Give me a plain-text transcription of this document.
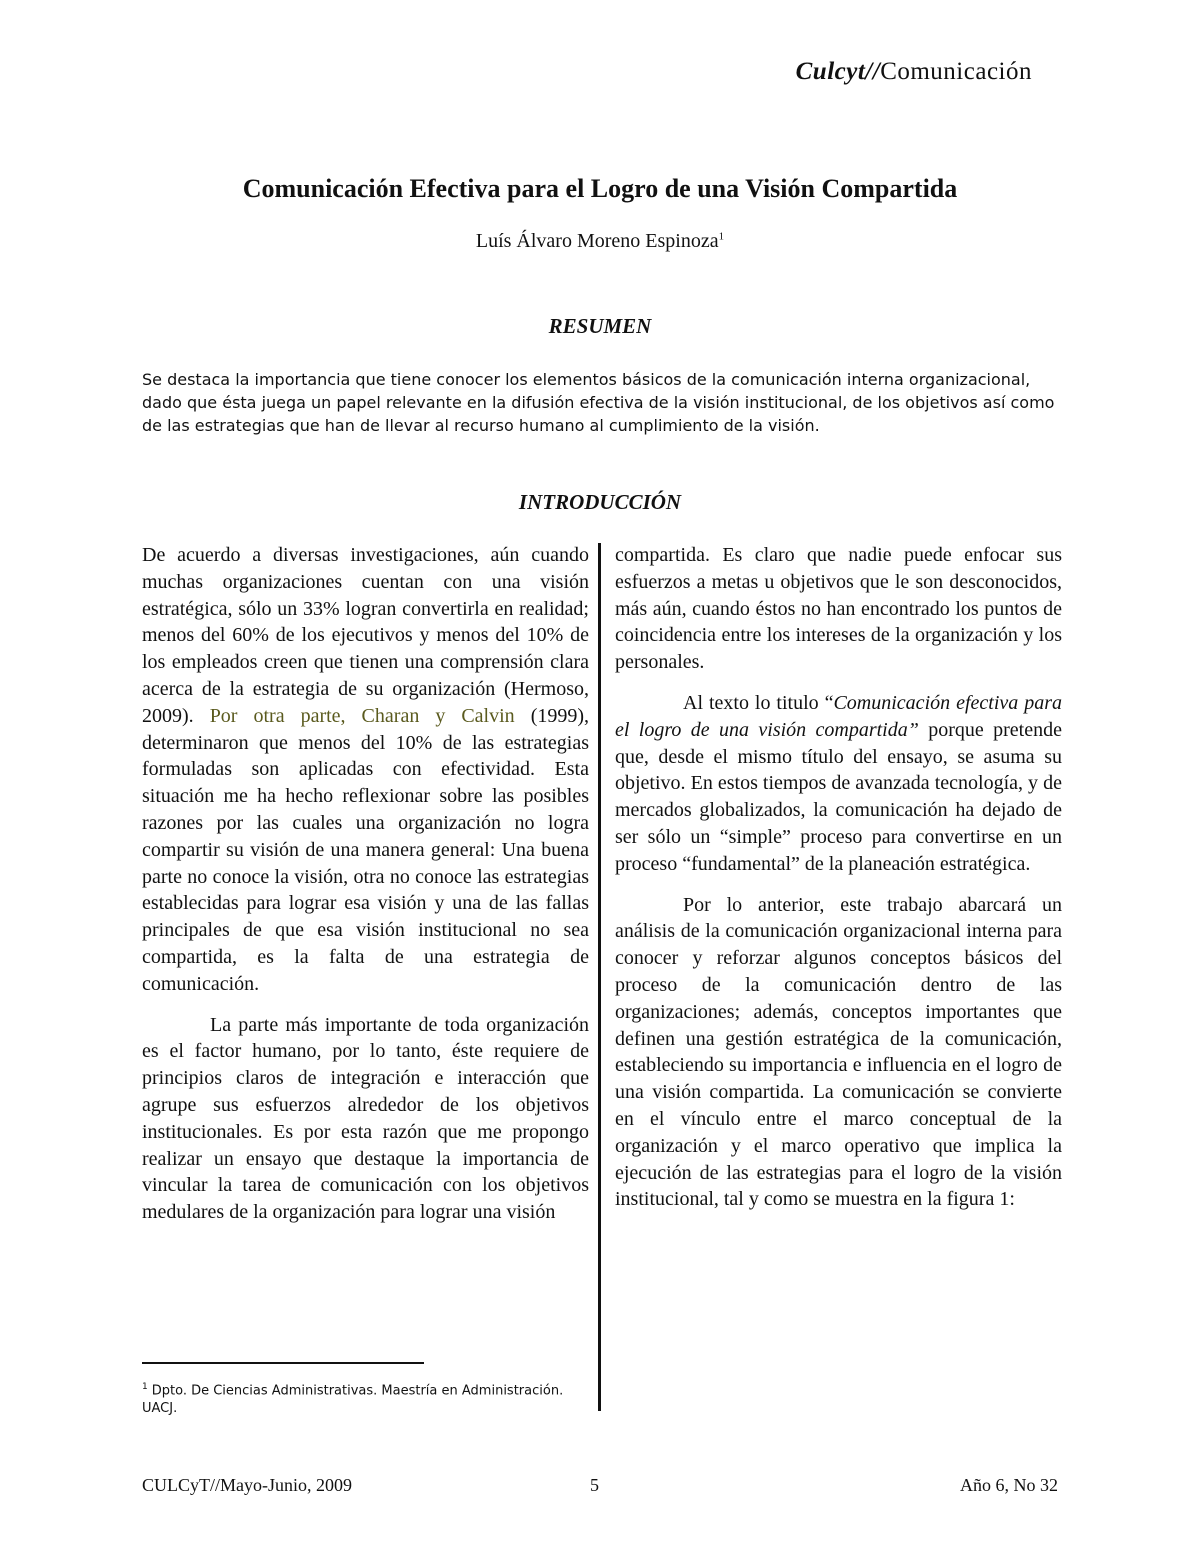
Culcyt//Comunicación
Comunicación Efectiva para el Logro de una Visión Compartida
Luís Álvaro Moreno Espinoza$^1$
RESUMEN
Se destaca la importancia que tiene conocer los elementos básicos de la comunicación interna organizacional, dado que ésta juega un papel relevante en la difusión efectiva de la visión institucional, de los objetivos así como de las estrategias que han de llevar al recurso humano al cumplimiento de la visión.
INTRODUCCIÓN

De acuerdo a diversas investigaciones, aún cuando muchas organizaciones cuentan con una visión estratégica, sólo un 33% logran convertirla en realidad; menos del 60% de los ejecutivos y menos del 10% de los empleados creen que tienen una comprensión clara acerca de la estrategia de su organización (Hermoso, 2009). Por otra parte, Charan y Calvin (1999), determinaron que menos del 10% de las estrategias formuladas son aplicadas con efectividad. Esta situación me ha hecho reflexionar sobre las posibles razones por las cuales una organización no logra compartir su visión de una manera general: Una buena parte no conoce la visión, otra no conoce las estrategias establecidas para lograr esa visión y una de las fallas principales de que esa visión institucional no sea compartida, es la falta de una estrategia de comunicación.

La parte más importante de toda organización es el factor humano, por lo tanto, éste requiere de principios claros de integración e interacción que agrupe sus esfuerzos alrededor de los objetivos institucionales. Es por esta razón que me propongo realizar un ensayo que destaque la importancia de vincular la tarea de comunicación con los objetivos medulares de la organización para lograr una visión

compartida. Es claro que nadie puede enfocar sus esfuerzos a metas u objetivos que le son desconocidos, más aún, cuando éstos no han encontrado los puntos de coincidencia entre los intereses de la organización y los personales.

Al texto lo titulo “Comunicación efectiva para el logro de una visión compartida” porque pretende que, desde el mismo título del ensayo, se asuma su objetivo. En estos tiempos de avanzada tecnología, y de mercados globalizados, la comunicación ha dejado de ser sólo un “simple” proceso para convertirse en un proceso “fundamental” de la planeación estratégica.

Por lo anterior, este trabajo abarcará un análisis de la comunicación organizacional interna para conocer y reforzar algunos conceptos básicos del proceso de la comunicación dentro de las organizaciones; además, conceptos importantes que definen una gestión estratégica de la comunicación, estableciendo su importancia e influencia en el logro de una visión compartida. La comunicación se convierte en el vínculo entre el marco conceptual de la organización y el marco operativo que implica la ejecución de las estrategias para el logro de la visión institucional, tal y como se muestra en la figura 1:

$^1$ Dpto. De Ciencias Administrativas. Maestría en Administración. UACJ.
CULCyT//Mayo-Junio, 2009	5	Año 6, No 32
